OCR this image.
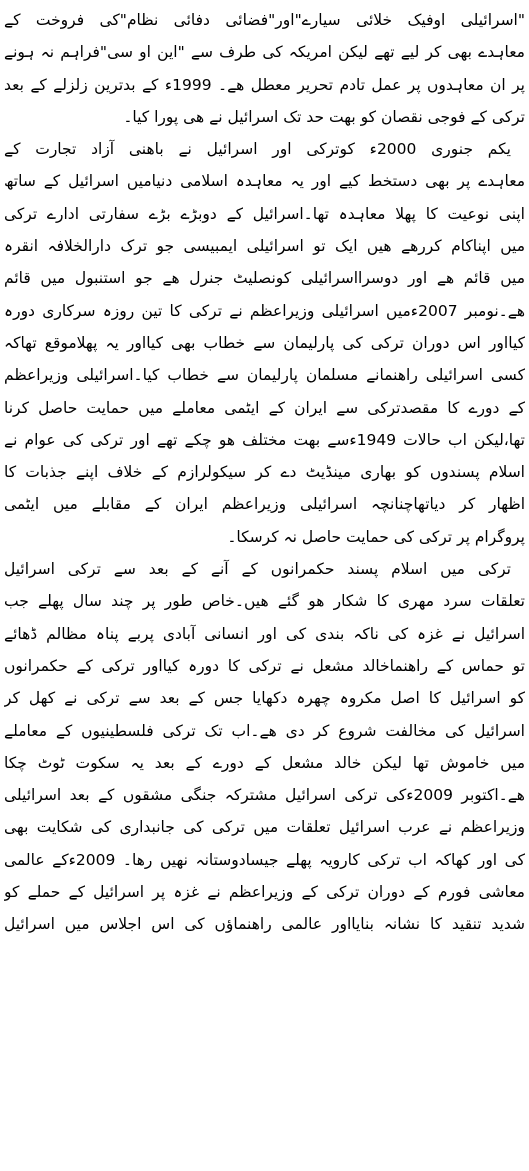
"اسرائیلی اوفیک خلائی سیارے"اور"فضائی دفائی نظام"کی فروخت کے
معاہدے بھی کر لیے تھے لیکن امریکہ کی طرف سے "این او سی"فراہم نہ ہونے
پر ان معاہدوں پر عمل تادم تحریر معطل ھے۔ 1999ء کے بدترین زلزلے کے بعد
ترکی کے فوجی نقصان کو بھت حد تک اسرائیل نے ھی پورا کیا۔
یکم جنوری 2000ء کوترکی اور اسرائیل نے باھنی آزاد تجارت کے
معاہدے پر بھی دستخط کیے اور یہ معاہدہ اسلامی دنیامیں اسرائیل کے ساتھ
اپنی نوعیت کا پھلا معاہدہ تھا۔اسرائیل کے دوبڑے بڑے سفارتی ادارے ترکی
میں اپناکام کررھے ھیں ایک تو اسرائیلی ایمبیسی جو ترک دارالخلافہ انقرہ
میں قائم ھے اور دوسرااسرائیلی کونصلیٹ جنرل ھے جو استنبول میں قائم
ھے۔نومبر 2007ءمیں اسرائیلی وزیراعظم نے ترکی کا تین روزہ سرکاری دورہ
کیااور اس دوران ترکی کی پارلیمان سے خطاب بھی کیااور یہ پھلاموقع تھاکہ
کسی اسرائیلی راھنمانے مسلمان پارلیمان سے خطاب کیا۔اسرائیلی وزیراعظم
کے دورے کا مقصدترکی سے ایران کے ایٹمی معاملے میں حمایت حاصل کرنا
تھا،لیکن اب حالات 1949ءسے بھت مختلف ھو چکے تھے اور ترکی کی عوام نے
اسلام پسندوں کو بھاری مینڈیٹ دے کر سیکولرازم کے خلاف اپنے جذبات کا
اظھار کر دیاتھاچنانچہ اسرائیلی وزیراعظم ایران کے مقابلے میں ایٹمی
پروگرام پر ترکی کی حمایت حاصل نہ کرسکا۔
ترکی میں اسلام پسند حکمرانوں کے آنے کے بعد سے ترکی اسرائیل
تعلقات سرد مھری کا شکار ھو گئے ھیں۔خاص طور پر چند سال پھلے جب
اسرائیل نے غزہ کی ناکہ بندی کی اور انسانی آبادی پربے پناہ مظالم ڈھائے
تو حماس کے راھنماخالد مشعل نے ترکی کا دورہ کیااور ترکی کے حکمرانوں
کو اسرائیل کا اصل مکروہ چھرہ دکھایا جس کے بعد سے ترکی نے کھل کر
اسرائیل کی مخالفت شروع کر دی ھے۔اب تک ترکی فلسطینیوں کے معاملے
میں خاموش تھا لیکن خالد مشعل کے دورے کے بعد یہ سکوت ٹوٹ چکا
ھے۔اکتوبر 2009ءکی ترکی اسرائیل مشترکہ جنگی مشقوں کے بعد اسرائیلی
وزیراعظم نے عرب اسرائیل تعلقات میں ترکی کی جانبداری کی شکایت بھی
کی اور کھاکہ اب ترکی کارویہ پھلے جیسادوستانہ نھیں رھا۔ 2009ءکے عالمی
معاشی فورم کے دوران ترکی کے وزیراعظم نے غزہ پر اسرائیل کے حملے کو
شدید تنقید کا نشانہ بنایااور عالمی راھنماؤں کی اس اجلاس میں اسرائیل
